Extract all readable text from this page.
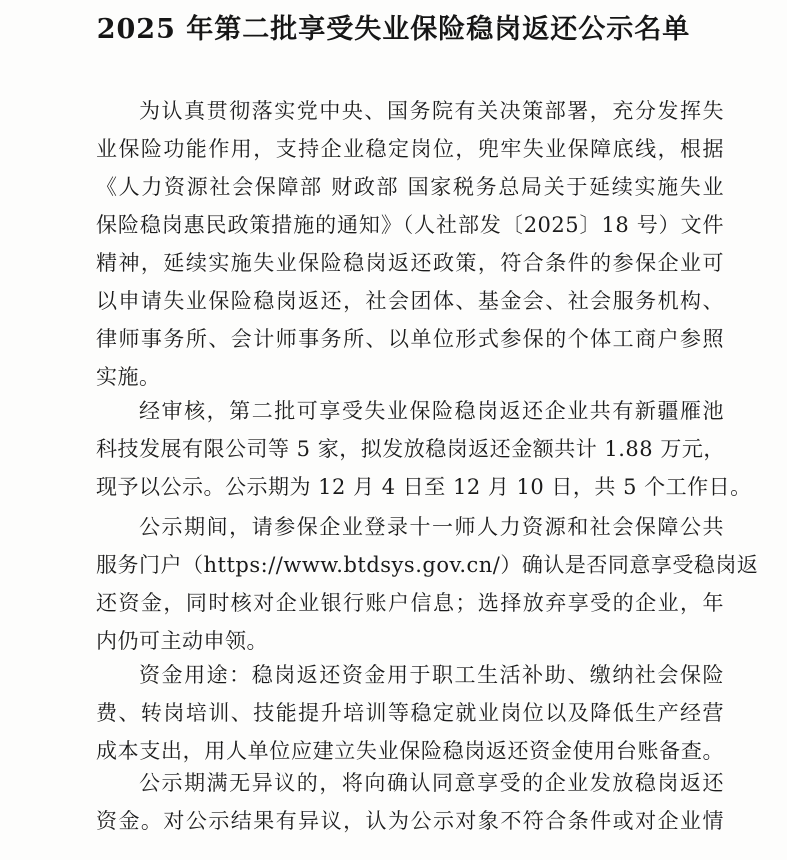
2025 年第二批享受失业保险稳岗返还公示名单
为认真贯彻落实党中央、国务院有关决策部署，充分发挥失
业保险功能作用，支持企业稳定岗位，兜牢失业保障底线，根据
《人力资源社会保障部 财政部 国家税务总局关于延续实施失业
保险稳岗惠民政策措施的通知》（人社部发〔2025〕18 号）文件
精神，延续实施失业保险稳岗返还政策，符合条件的参保企业可
以申请失业保险稳岗返还，社会团体、基金会、社会服务机构、
律师事务所、会计师事务所、以单位形式参保的个体工商户参照
实施。
经审核，第二批可享受失业保险稳岗返还企业共有新疆雁池
科技发展有限公司等 5 家，拟发放稳岗返还金额共计 1.88 万元，
现予以公示。公示期为 12 月 4 日至 12 月 10 日，共 5 个工作日。
公示期间，请参保企业登录十一师人力资源和社会保障公共
服务门户（https://www.btdsys.gov.cn/）确认是否同意享受稳岗返
还资金，同时核对企业银行账户信息；选择放弃享受的企业，年
内仍可主动申领。
资金用途：稳岗返还资金用于职工生活补助、缴纳社会保险
费、转岗培训、技能提升培训等稳定就业岗位以及降低生产经营
成本支出，用人单位应建立失业保险稳岗返还资金使用台账备查。
公示期满无异议的，将向确认同意享受的企业发放稳岗返还
资金。对公示结果有异议，认为公示对象不符合条件或对企业情
